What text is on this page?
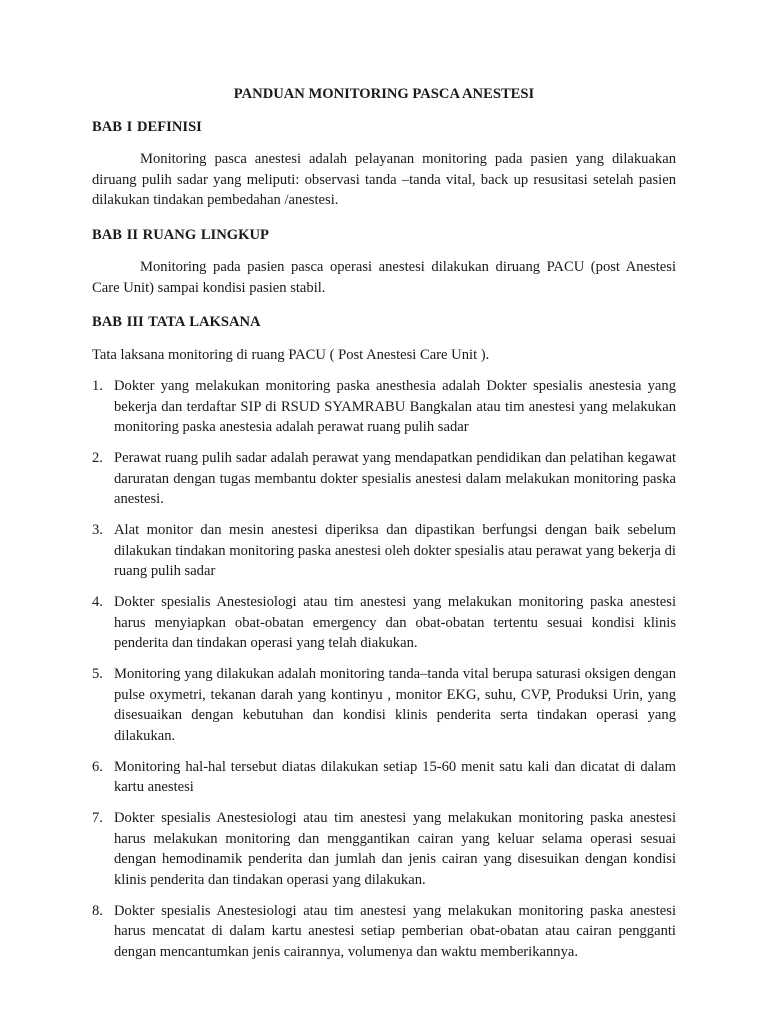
PANDUAN MONITORING PASCA ANESTESI
BAB I DEFINISI

Monitoring pasca anestesi adalah pelayanan monitoring pada pasien yang dilakuakan diruang pulih sadar yang meliputi: observasi tanda –tanda vital, back up resusitasi setelah pasien dilakukan tindakan pembedahan /anestesi.

BAB II RUANG LINGKUP

Monitoring pada pasien pasca operasi anestesi dilakukan diruang PACU (post Anestesi Care Unit) sampai kondisi pasien stabil.

BAB III TATA LAKSANA

Tata laksana monitoring di ruang PACU ( Post Anestesi Care Unit ).

1. Dokter yang melakukan monitoring paska anesthesia adalah Dokter spesialis anestesia yang bekerja dan terdaftar SIP di RSUD SYAMRABU Bangkalan atau tim anestesi yang melakukan monitoring paska anestesia adalah perawat ruang pulih sadar
2. Perawat ruang pulih sadar adalah perawat yang mendapatkan pendidikan dan pelatihan kegawat daruratan dengan tugas membantu dokter spesialis anestesi dalam melakukan monitoring paska anestesi.
3. Alat monitor dan mesin anestesi diperiksa dan dipastikan berfungsi dengan baik sebelum dilakukan tindakan monitoring paska anestesi oleh dokter spesialis atau perawat yang bekerja di ruang pulih sadar
4. Dokter spesialis Anestesiologi atau tim anestesi yang melakukan monitoring paska anestesi harus menyiapkan obat-obatan emergency dan obat-obatan tertentu sesuai kondisi klinis penderita dan tindakan operasi yang telah diakukan.
5. Monitoring yang dilakukan adalah monitoring tanda–tanda vital berupa saturasi oksigen dengan pulse oxymetri, tekanan darah yang kontinyu , monitor EKG, suhu, CVP, Produksi Urin, yang disesuaikan dengan kebutuhan dan kondisi klinis penderita serta tindakan operasi yang dilakukan.
6. Monitoring hal-hal tersebut diatas dilakukan setiap 15-60 menit satu kali dan dicatat di dalam kartu anestesi
7. Dokter spesialis Anestesiologi atau tim anestesi yang melakukan monitoring paska anestesi harus melakukan monitoring dan menggantikan cairan yang keluar selama operasi sesuai dengan hemodinamik penderita dan jumlah dan jenis cairan yang disesuikan dengan kondisi klinis penderita dan tindakan operasi yang dilakukan.
8. Dokter spesialis Anestesiologi atau tim anestesi yang melakukan monitoring paska anestesi harus mencatat di dalam kartu anestesi setiap pemberian obat-obatan atau cairan pengganti dengan mencantumkan jenis cairannya, volumenya dan waktu memberikannya.
